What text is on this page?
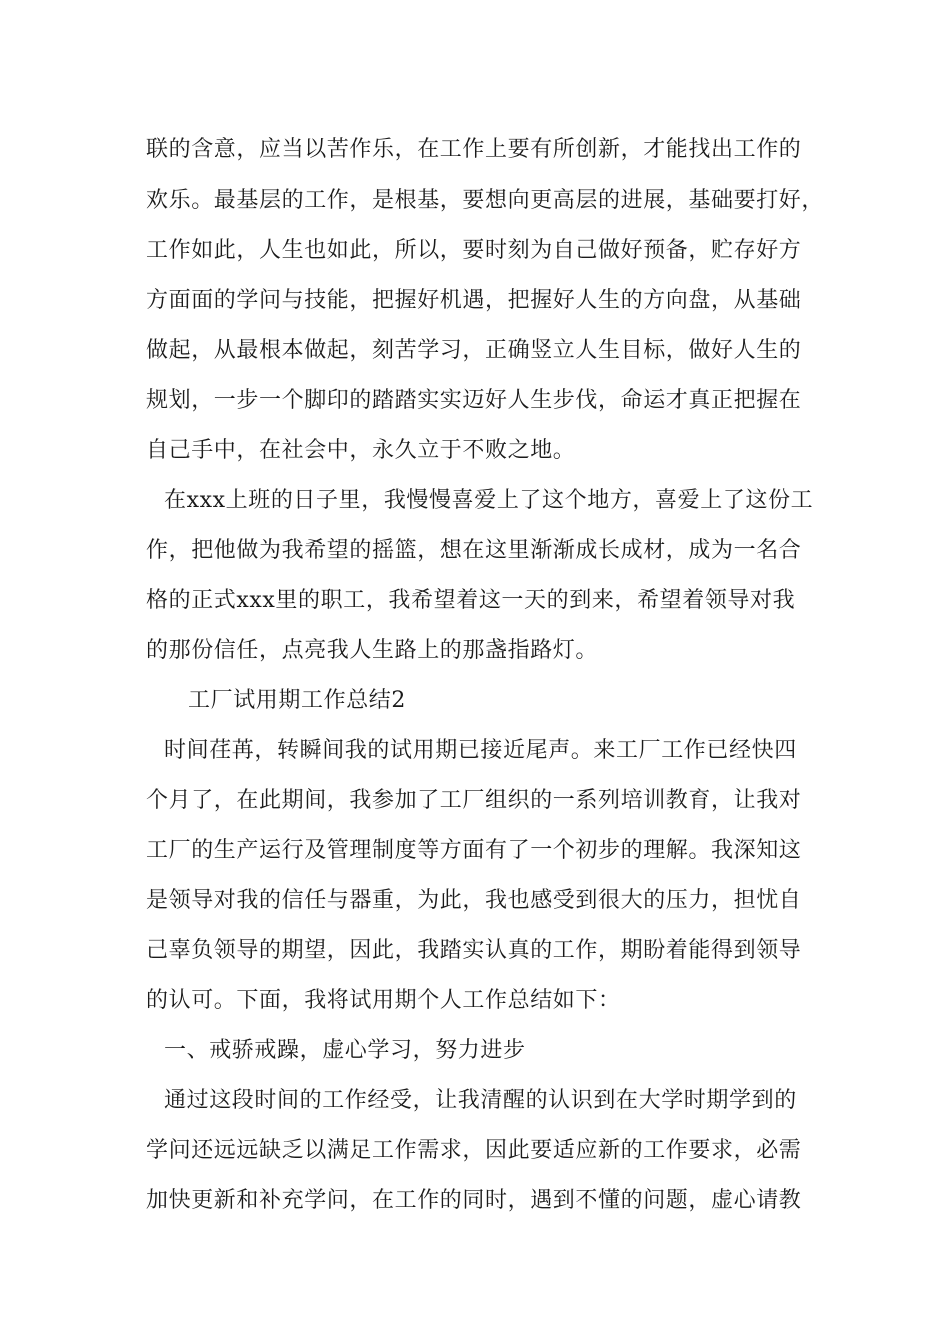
联的含意，应当以苦作乐，在工作上要有所创新，才能找出工作的
欢乐。最基层的工作，是根基，要想向更高层的进展，基础要打好，
工作如此，人生也如此，所以，要时刻为自己做好预备，贮存好方
方面面的学问与技能，把握好机遇，把握好人生的方向盘，从基础
做起，从最根本做起，刻苦学习，正确竖立人生目标，做好人生的
规划，一步一个脚印的踏踏实实迈好人生步伐，命运才真正把握在
自己手中，在社会中，永久立于不败之地。
在xxx上班的日子里，我慢慢喜爱上了这个地方，喜爱上了这份工
作，把他做为我希望的摇篮，想在这里渐渐成长成材，成为一名合
格的正式xxx里的职工，我希望着这一天的到来，希望着领导对我
的那份信任，点亮我人生路上的那盏指路灯。
工厂试用期工作总结2
时间荏苒，转瞬间我的试用期已接近尾声。来工厂工作已经快四
个月了，在此期间，我参加了工厂组织的一系列培训教育，让我对
工厂的生产运行及管理制度等方面有了一个初步的理解。我深知这
是领导对我的信任与器重，为此，我也感受到很大的压力，担忧自
己辜负领导的期望，因此，我踏实认真的工作，期盼着能得到领导
的认可。下面，我将试用期个人工作总结如下：
一、戒骄戒躁，虚心学习，努力进步
通过这段时间的工作经受，让我清醒的认识到在大学时期学到的
学问还远远缺乏以满足工作需求，因此要适应新的工作要求，必需
加快更新和补充学问，在工作的同时，遇到不懂的问题，虚心请教
